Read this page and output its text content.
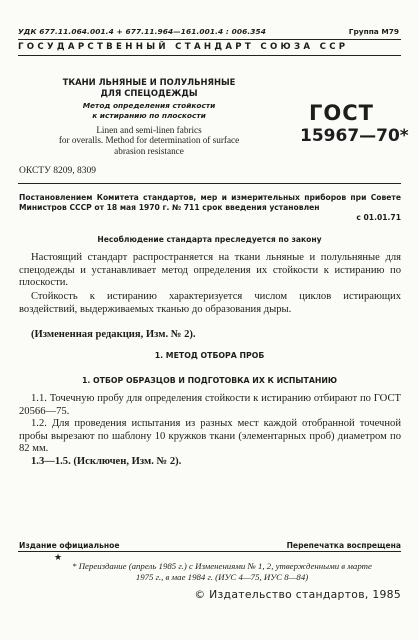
УДК 677.11.064.001.4 + 677.11.964—161.001.4 : 006.354	Группа М79
ГОСУДАРСТВЕННЫЙ СТАНДАРТ СОЮЗА ССР
ТКАНИ ЛЬНЯНЫЕ И ПОЛУЛЬНЯНЫЕ
ДЛЯ СПЕЦОДЕЖДЫ
Метод определения стойкости
к истиранию по плоскости
Linen and semi-linen fabrics
for overalls. Method for determination of surface
abrasion resistance
ГОСТ
15967—70*
ОКСТУ 8209, 8309
Постановлением Комитета стандартов, мер и измерительных приборов при Совете Министров СССР от 18 мая 1970 г. № 711 срок введения установлен
с 01.01.71
Несоблюдение стандарта преследуется по закону
Настоящий стандарт распространяется на ткани льняные и полульняные для спецодежды и устанавливает метод определения их стойкости к истиранию по плоскости.
Стойкость к истиранию характеризуется числом циклов истирающих воздействий, выдерживаемых тканью до образования дыры.
(Измененная редакция, Изм. № 2).
1. МЕТОД ОТБОРА ПРОБ
1. ОТБОР ОБРАЗЦОВ И ПОДГОТОВКА ИХ К ИСПЫТАНИЮ
1.1. Точечную пробу для определения стойкости к истиранию отбирают по ГОСТ 20566—75.
1.2. Для проведения испытания из разных мест каждой отобранной точечной пробы вырезают по шаблону 10 кружков ткани (элементарных проб) диаметром по 82 мм.
1.3—1.5. (Исключен, Изм. № 2).
Издание официальное	Перепечатка воспрещена
★
* Переиздание (апрель 1985 г.) с Изменениями № 1, 2, утвержденными в марте 1975 г., в мае 1984 г. (ИУС 4—75, ИУС 8—84)
© Издательство стандартов, 1985
